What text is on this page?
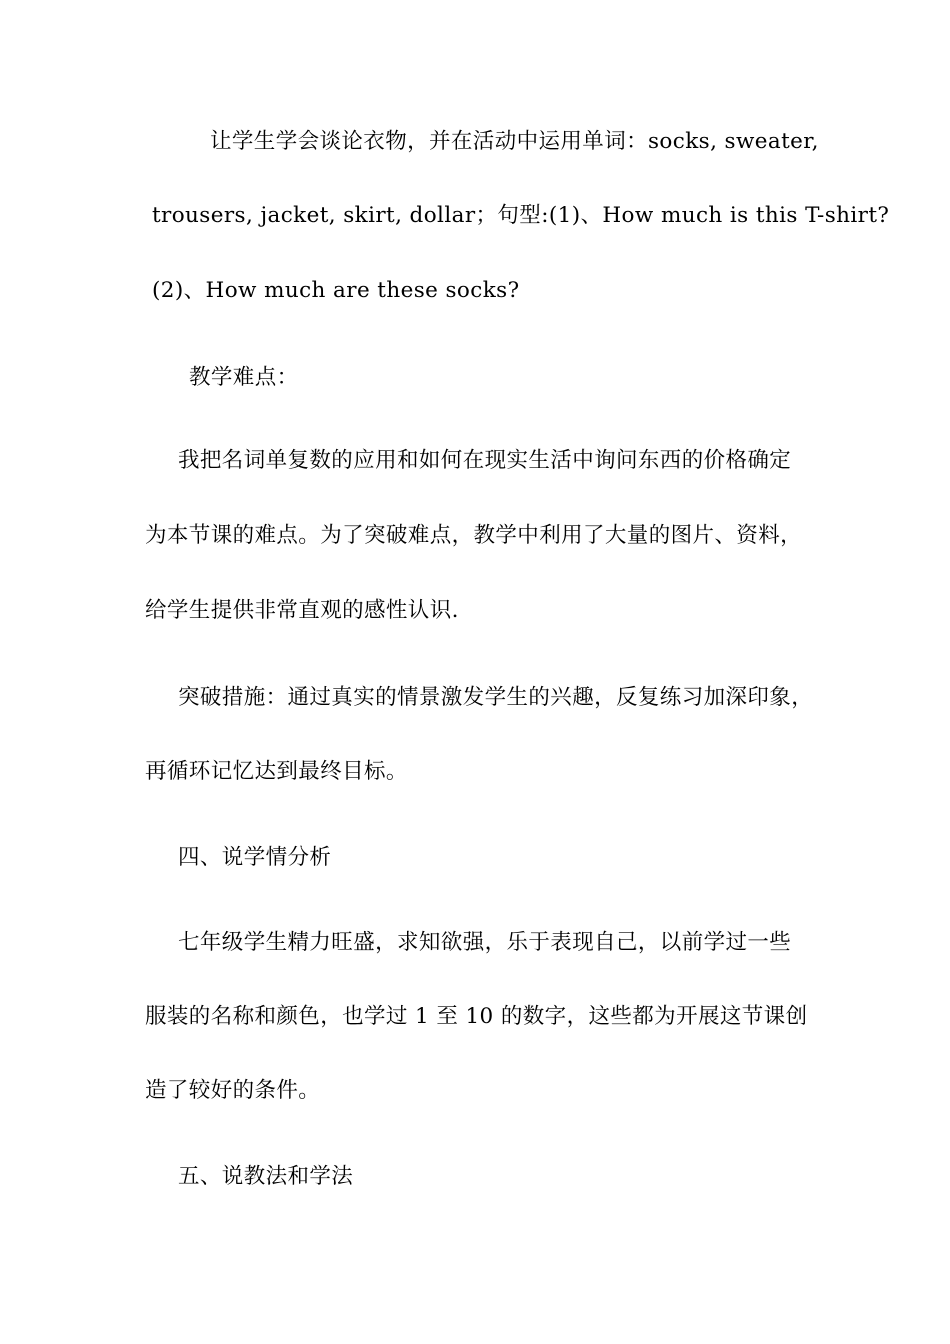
让学生学会谈论衣物，并在活动中运用单词：socks, sweater,
trousers, jacket, skirt, dollar；句型:(1)、How much is this T-shirt?
(2)、How much are these socks?
教学难点：
我把名词单复数的应用和如何在现实生活中询问东西的价格确定
为本节课的难点。为了突破难点，教学中利用了大量的图片、资料，
给学生提供非常直观的感性认识.
突破措施：通过真实的情景激发学生的兴趣，反复练习加深印象，
再循环记忆达到最终目标。
四、说学情分析
七年级学生精力旺盛，求知欲强，乐于表现自己，以前学过一些
服装的名称和颜色，也学过 1 至 10 的数字，这些都为开展这节课创
造了较好的条件。
五、说教法和学法
